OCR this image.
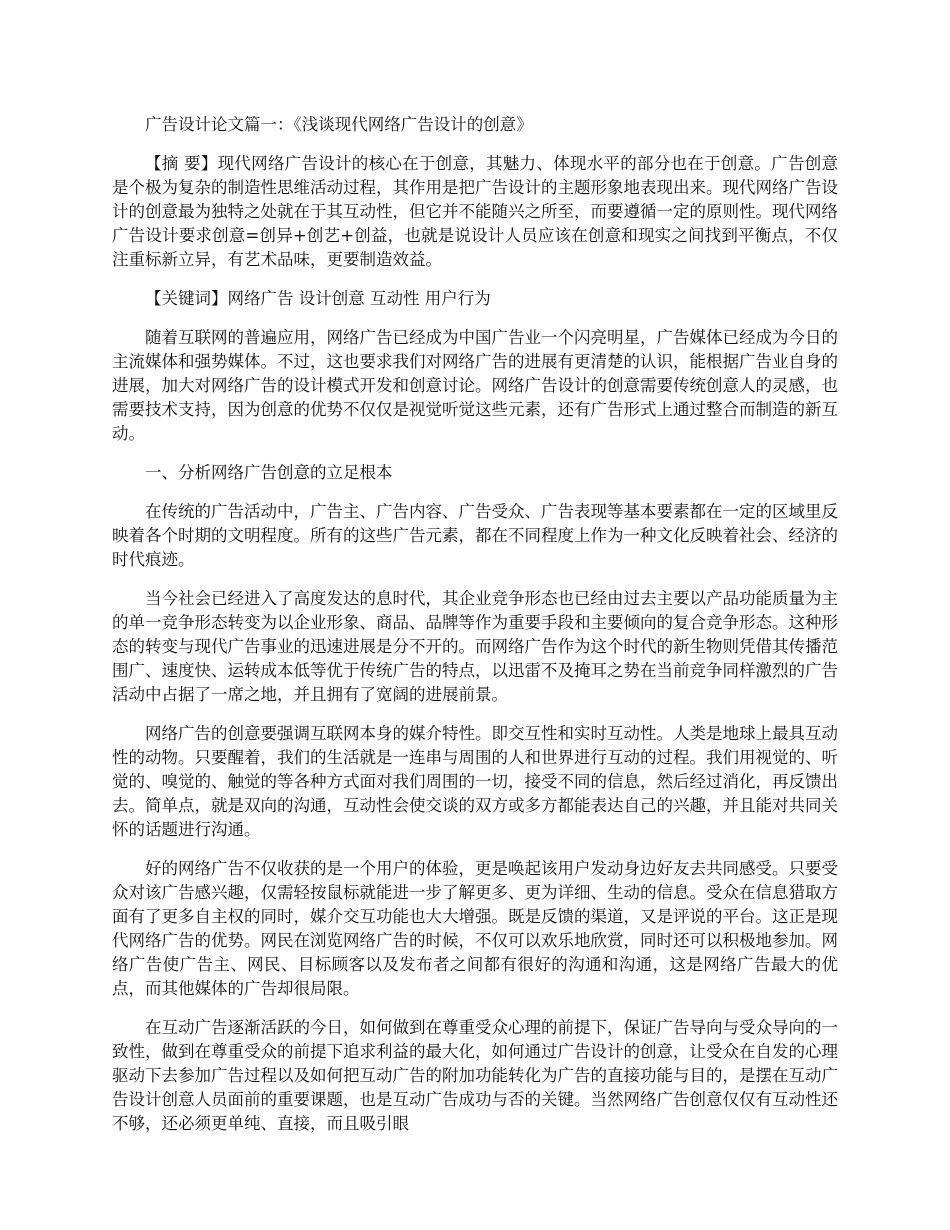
广告设计论文篇一：《浅谈现代网络广告设计的创意》

【摘 要】现代网络广告设计的核心在于创意，其魅力、体现水平的部分也在于创意。广告创意是个极为复杂的制造性思维活动过程，其作用是把广告设计的主题形象地表现出来。现代网络广告设计的创意最为独特之处就在于其互动性，但它并不能随兴之所至，而要遵循一定的原则性。现代网络广告设计要求创意=创异+创艺+创益，也就是说设计人员应该在创意和现实之间找到平衡点，不仅注重标新立异，有艺术品味，更要制造效益。

【关键词】网络广告 设计创意 互动性 用户行为

随着互联网的普遍应用，网络广告已经成为中国广告业一个闪亮明星，广告媒体已经成为今日的主流媒体和强势媒体。不过，这也要求我们对网络广告的进展有更清楚的认识，能根据广告业自身的进展，加大对网络广告的设计模式开发和创意讨论。网络广告设计的创意需要传统创意人的灵感，也需要技术支持，因为创意的优势不仅仅是视觉听觉这些元素，还有广告形式上通过整合而制造的新互动。

一、分析网络广告创意的立足根本

在传统的广告活动中，广告主、广告内容、广告受众、广告表现等基本要素都在一定的区域里反映着各个时期的文明程度。所有的这些广告元素，都在不同程度上作为一种文化反映着社会、经济的时代痕迹。

当今社会已经进入了高度发达的息时代，其企业竞争形态也已经由过去主要以产品功能质量为主的单一竞争形态转变为以企业形象、商品、品牌等作为重要手段和主要倾向的复合竞争形态。这种形态的转变与现代广告事业的迅速进展是分不开的。而网络广告作为这个时代的新生物则凭借其传播范围广、速度快、运转成本低等优于传统广告的特点，以迅雷不及掩耳之势在当前竞争同样激烈的广告活动中占据了一席之地，并且拥有了宽阔的进展前景。

网络广告的创意要强调互联网本身的媒介特性。即交互性和实时互动性。人类是地球上最具互动性的动物。只要醒着，我们的生活就是一连串与周围的人和世界进行互动的过程。我们用视觉的、听觉的、嗅觉的、触觉的等各种方式面对我们周围的一切，接受不同的信息，然后经过消化，再反馈出去。简单点，就是双向的沟通，互动性会使交谈的双方或多方都能表达自己的兴趣，并且能对共同关怀的话题进行沟通。

好的网络广告不仅收获的是一个用户的体验，更是唤起该用户发动身边好友去共同感受。只要受众对该广告感兴趣，仅需轻按鼠标就能进一步了解更多、更为详细、生动的信息。受众在信息猎取方面有了更多自主权的同时，媒介交互功能也大大增强。既是反馈的渠道，又是评说的平台。这正是现代网络广告的优势。网民在浏览网络广告的时候，不仅可以欢乐地欣赏，同时还可以积极地参加。网络广告使广告主、网民、目标顾客以及发布者之间都有很好的沟通和沟通，这是网络广告最大的优点，而其他媒体的广告却很局限。

在互动广告逐渐活跃的今日，如何做到在尊重受众心理的前提下，保证广告导向与受众导向的一致性，做到在尊重受众的前提下追求利益的最大化，如何通过广告设计的创意，让受众在自发的心理驱动下去参加广告过程以及如何把互动广告的附加功能转化为广告的直接功能与目的，是摆在互动广告设计创意人员面前的重要课题，也是互动广告成功与否的关键。当然网络广告创意仅仅有互动性还不够，还必须更单纯、直接，而且吸引眼
